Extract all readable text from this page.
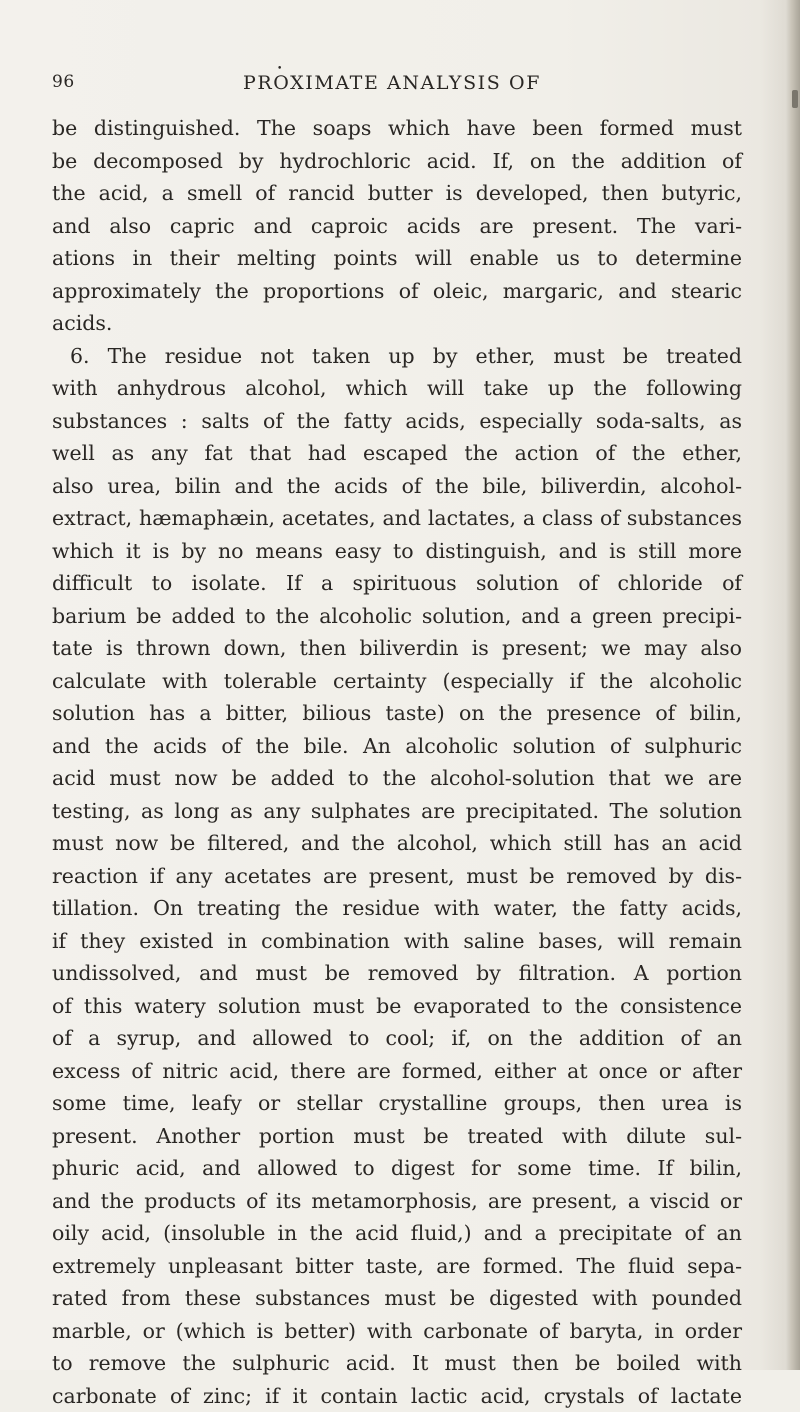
96
•
PROXIMATE ANALYSIS OF
be distinguished. The soaps which have been formed must
be decomposed by hydrochloric acid. If, on the addition of
the acid, a smell of rancid butter is developed, then butyric,
and also capric and caproic acids are present. The vari-
ations in their melting points will enable us to determine
approximately the proportions of oleic, margaric, and stearic
acids.
6. The residue not taken up by ether, must be treated
with anhydrous alcohol, which will take up the following
substances : salts of the fatty acids, especially soda-salts, as
well as any fat that had escaped the action of the ether,
also urea, bilin and the acids of the bile, biliverdin, alcohol-
extract, hæmaphæin, acetates, and lactates, a class of substances
which it is by no means easy to distinguish, and is still more
difficult to isolate. If a spirituous solution of chloride of
barium be added to the alcoholic solution, and a green precipi-
tate is thrown down, then biliverdin is present; we may also
calculate with tolerable certainty (especially if the alcoholic
solution has a bitter, bilious taste) on the presence of bilin,
and the acids of the bile. An alcoholic solution of sulphuric
acid must now be added to the alcohol-solution that we are
testing, as long as any sulphates are precipitated. The solution
must now be filtered, and the alcohol, which still has an acid
reaction if any acetates are present, must be removed by dis-
tillation. On treating the residue with water, the fatty acids,
if they existed in combination with saline bases, will remain
undissolved, and must be removed by filtration. A portion
of this watery solution must be evaporated to the consistence
of a syrup, and allowed to cool; if, on the addition of an
excess of nitric acid, there are formed, either at once or after
some time, leafy or stellar crystalline groups, then urea is
present. Another portion must be treated with dilute sul-
phuric acid, and allowed to digest for some time. If bilin,
and the products of its metamorphosis, are present, a viscid or
oily acid, (insoluble in the acid fluid,) and a precipitate of an
extremely unpleasant bitter taste, are formed. The fluid sepa-
rated from these substances must be digested with pounded
marble, or (which is better) with carbonate of baryta, in order
to remove the sulphuric acid. It must then be boiled with
carbonate of zinc; if it contain lactic acid, crystals of lactate
